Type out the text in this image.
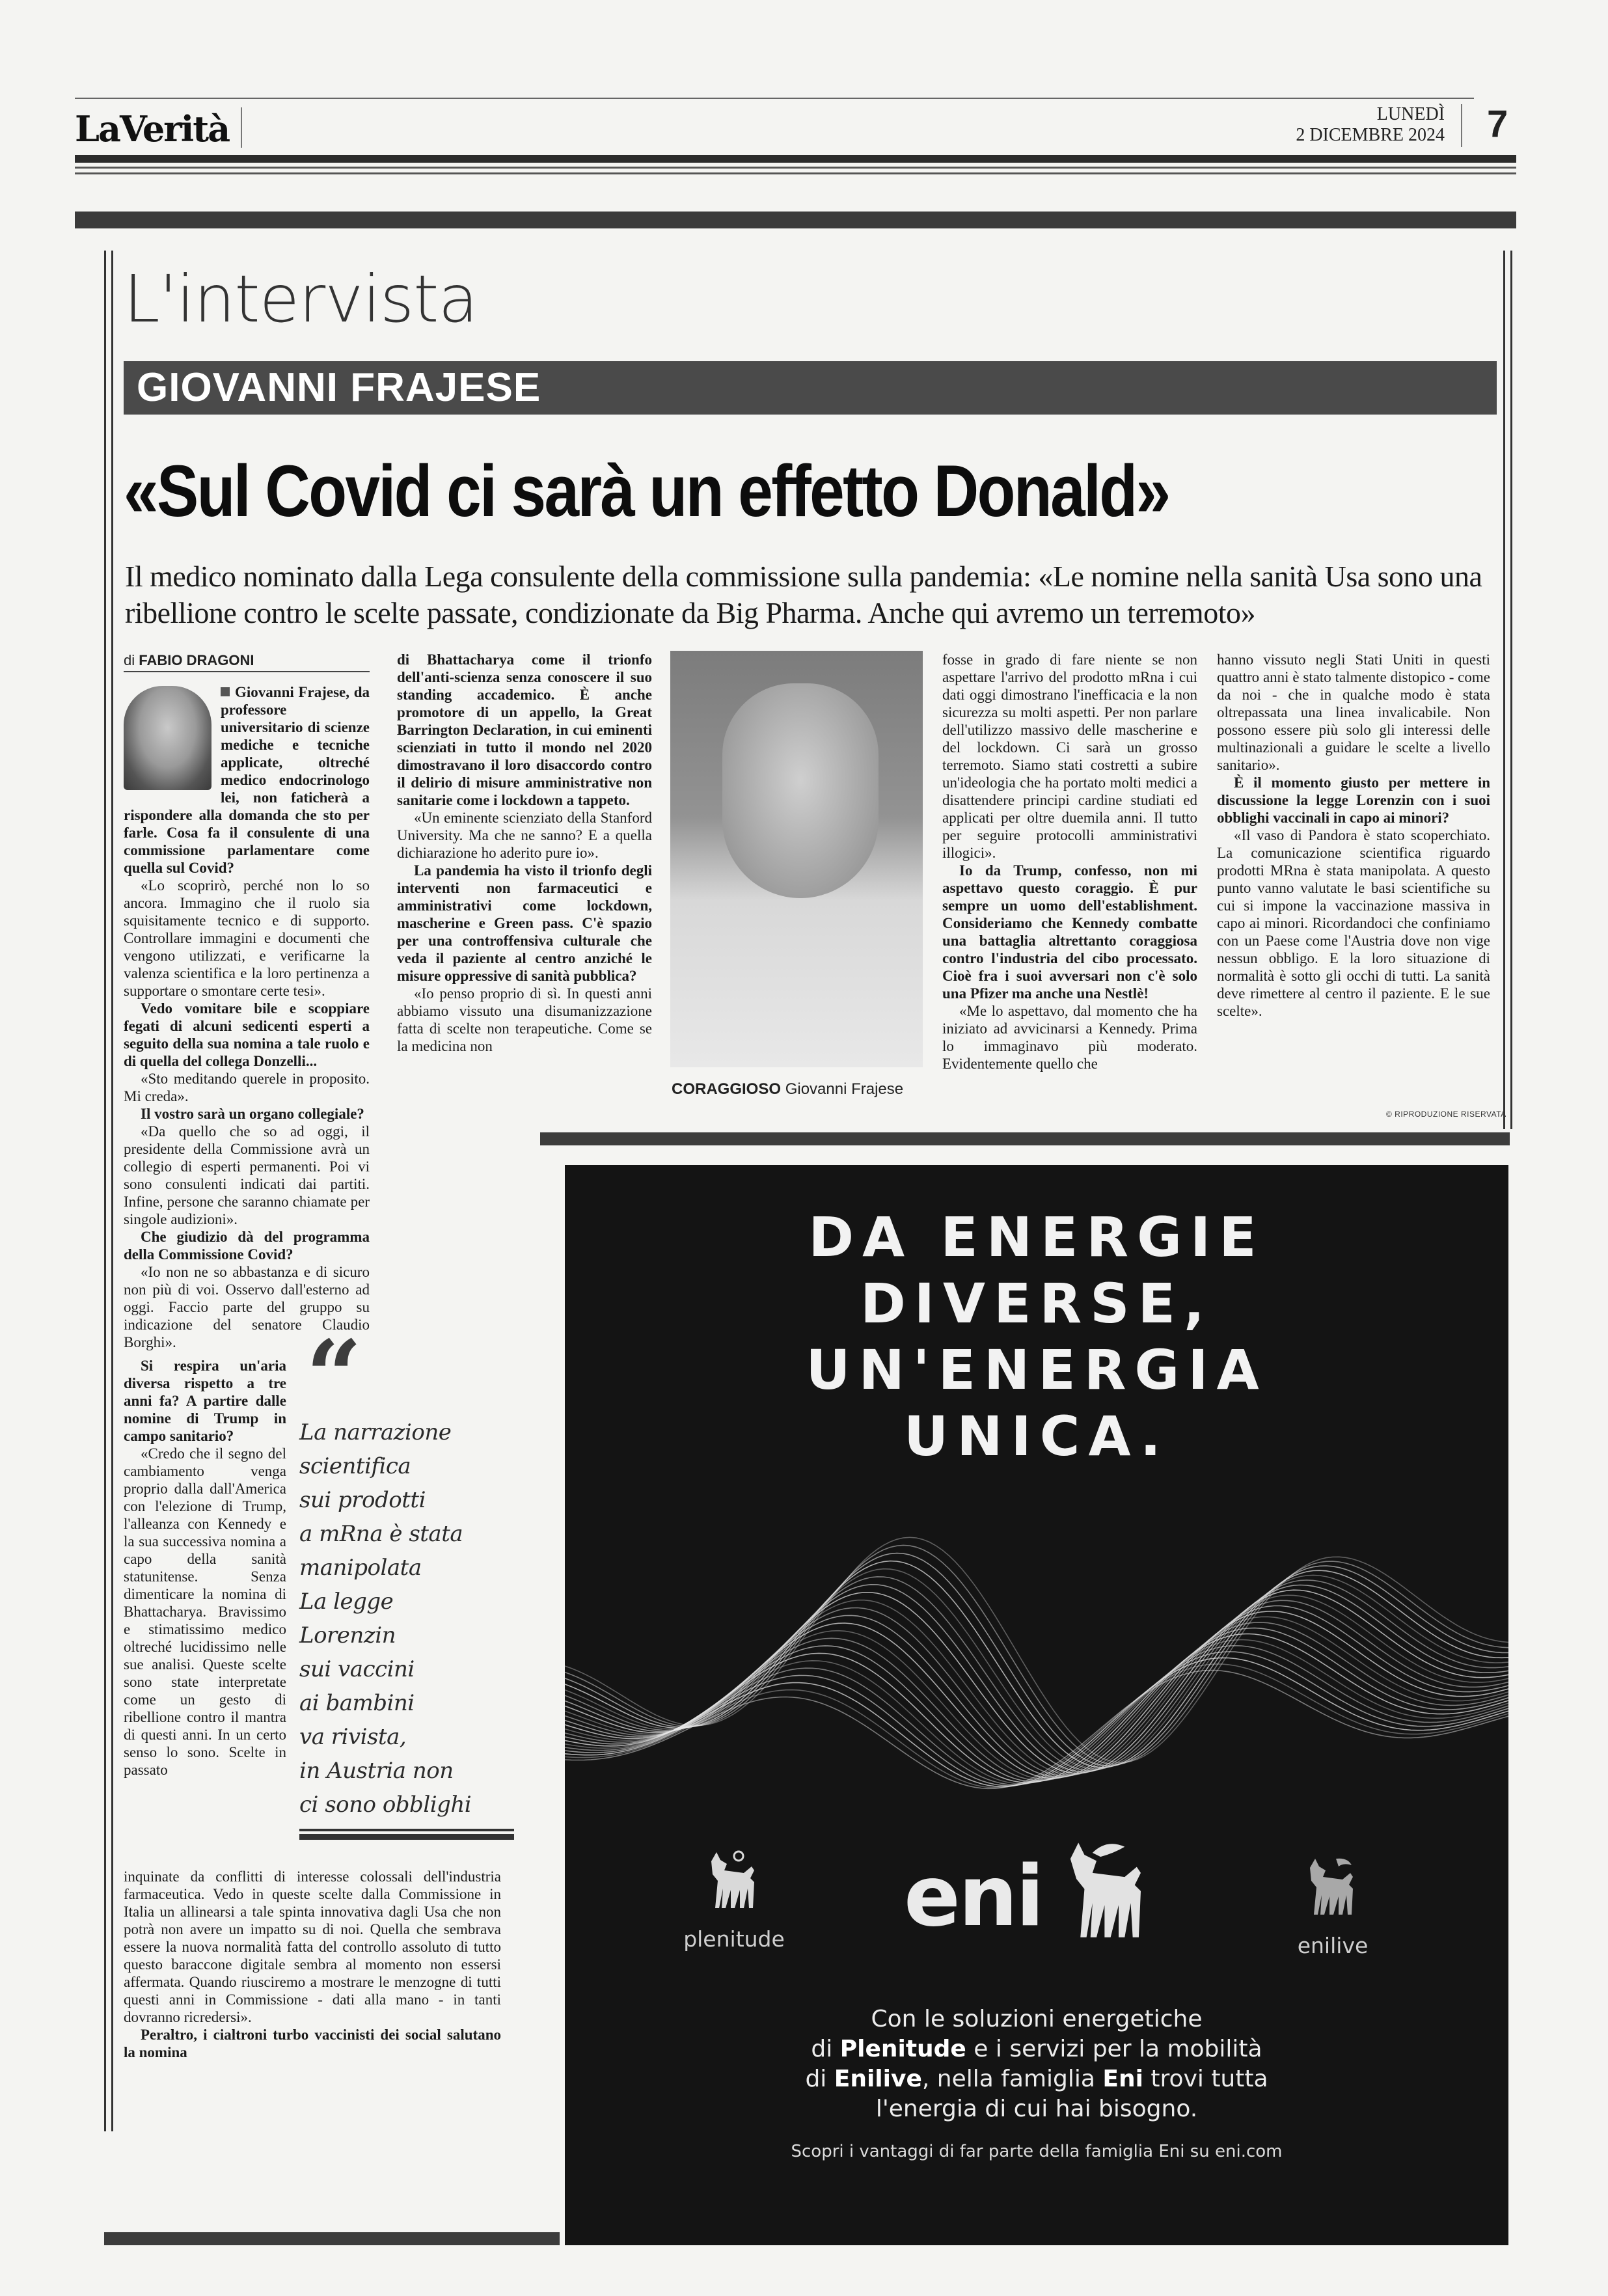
LaVerità	LUNEDÌ
2 DICEMBRE 2024 7
L'intervista
GIOVANNI FRAJESE
«Sul Covid ci sarà un effetto Donald»
Il medico nominato dalla Lega consulente della commissione sulla pandemia: «Le nomine nella sanità Usa sono una ribellione contro le scelte passate, condizionate da Big Pharma. Anche qui avremo un terremoto»
di FABIO DRAGONI

Giovanni Frajese, da professore universitario di scienze mediche e tecniche applicate, oltreché medico endocrinologo lei, non faticherà a rispondere alla domanda che sto per farle. Cosa fa il consulente di una commissione parlamentare come quella sul Covid?

«Lo scoprirò, perché non lo so ancora. Immagino che il ruolo sia squisitamente tecnico e di supporto. Controllare immagini e documenti che vengono utilizzati, e verificarne la valenza scientifica e la loro pertinenza a supportare o smontare certe tesi».

Vedo vomitare bile e scoppiare fegati di alcuni sedicenti esperti a seguito della sua nomina a tale ruolo e di quella del collega Donzelli...

«Sto meditando querele in proposito. Mi creda».

Il vostro sarà un organo collegiale?

«Da quello che so ad oggi, il presidente della Commissione avrà un collegio di esperti permanenti. Poi vi sono consulenti indicati dai partiti. Infine, persone che saranno chiamate per singole audizioni».

Che giudizio dà del programma della Commissione Covid?

«Io non ne so abbastanza e di sicuro non più di voi. Osservo dall'esterno ad oggi. Faccio parte del gruppo su indicazione del senatore Claudio Borghi».

Si respira un'aria diversa rispetto a tre anni fa? A partire dalle nomine di Trump in campo sanitario?

«Credo che il segno del cambiamento venga proprio dalla dall'America con l'elezione di Trump, l'alleanza con Kennedy e la sua successiva nomina a capo della sanità statunitense. Senza dimenticare la nomina di Bhattacharya. Bravissimo e stimatissimo medico oltreché lucidissimo nelle sue analisi. Queste scelte sono state interpretate come un gesto di ribellione contro il mantra di questi anni. In un certo senso lo sono. Scelte in passato

inquinate da conflitti di interesse colossali dell'industria farmaceutica. Vedo in queste scelte dalla Commissione in Italia un allinearsi a tale spinta innovativa dagli Usa che non potrà non avere un impatto su di noi. Quella che sembrava essere la nuova normalità fatta del controllo assoluto di tutto questo baraccone digitale sembra al momento non essersi affermata. Quando riusciremo a mostrare le menzogne di tutti questi anni in Commissione - dati alla mano - in tanti dovranno ricredersi».

Peraltro, i cialtroni turbo vaccinisti dei social salutano la nomina

“
La narrazione
scientifica
sui prodotti
a mRna è stata
manipolata
La legge
Lorenzin
sui vaccini
ai bambini
va rivista,
in Austria non
ci sono obblighi

di Bhattacharya come il trionfo dell'anti-scienza senza conoscere il suo standing accademico. È anche promotore di un appello, la Great Barrington Declaration, in cui eminenti scienziati in tutto il mondo nel 2020 dimostravano il loro disaccordo contro il delirio di misure amministrative non sanitarie come i lockdown a tappeto.

«Un eminente scienziato della Stanford University. Ma che ne sanno? E a quella dichiarazione ho aderito pure io».

La pandemia ha visto il trionfo degli interventi non farmaceutici e amministrativi come lockdown, mascherine e Green pass. C'è spazio per una controffensiva culturale che veda il paziente al centro anziché le misure oppressive di sanità pubblica?

«Io penso proprio di sì. In questi anni abbiamo vissuto una disumanizzazione fatta di scelte non terapeutiche. Come se la medicina non

CORAGGIOSO Giovanni Frajese

fosse in grado di fare niente se non aspettare l'arrivo del prodotto mRna i cui dati oggi dimostrano l'inefficacia e la non sicurezza su molti aspetti. Per non parlare dell'utilizzo massivo delle mascherine e del lockdown. Ci sarà un grosso terremoto. Siamo stati costretti a subire un'ideologia che ha portato molti medici a disattendere principi cardine studiati ed applicati per oltre duemila anni. Il tutto per seguire protocolli amministrativi illogici».

Io da Trump, confesso, non mi aspettavo questo coraggio. È pur sempre un uomo dell'establishment. Consideriamo che Kennedy combatte una battaglia altrettanto coraggiosa contro l'industria del cibo processato. Cioè fra i suoi avversari non c'è solo una Pfizer ma anche una Nestlè!

«Me lo aspettavo, dal momento che ha iniziato ad avvicinarsi a Kennedy. Prima lo immaginavo più moderato. Evidentemente quello che

hanno vissuto negli Stati Uniti in questi quattro anni è stato talmente distopico - come da noi - che in qualche modo è stata oltrepassata una linea invalicabile. Non possono essere più solo gli interessi delle multinazionali a guidare le scelte a livello sanitario».

È il momento giusto per mettere in discussione la legge Lorenzin con i suoi obblighi vaccinali in capo ai minori?

«Il vaso di Pandora è stato scoperchiato. La comunicazione scientifica riguardo prodotti MRna è stata manipolata. A questo punto vanno valutate le basi scientifiche su cui si impone la vaccinazione massiva in capo ai minori. Ricordandoci che confiniamo con un Paese come l'Austria dove non vige nessun obbligo. E la loro situazione di normalità è sotto gli occhi di tutti. La sanità deve rimettere al centro il paziente. E le sue scelte».

© RIPRODUZIONE RISERVATA
DA ENERGIE
DIVERSE,
UN'ENERGIA
UNICA.
plenitude eni
enilive
Con le soluzioni energetiche
di Plenitude e i servizi per la mobilità
di Enilive, nella famiglia Eni trovi tutta
l'energia di cui hai bisogno.
Scopri i vantaggi di far parte della famiglia Eni su eni.com
